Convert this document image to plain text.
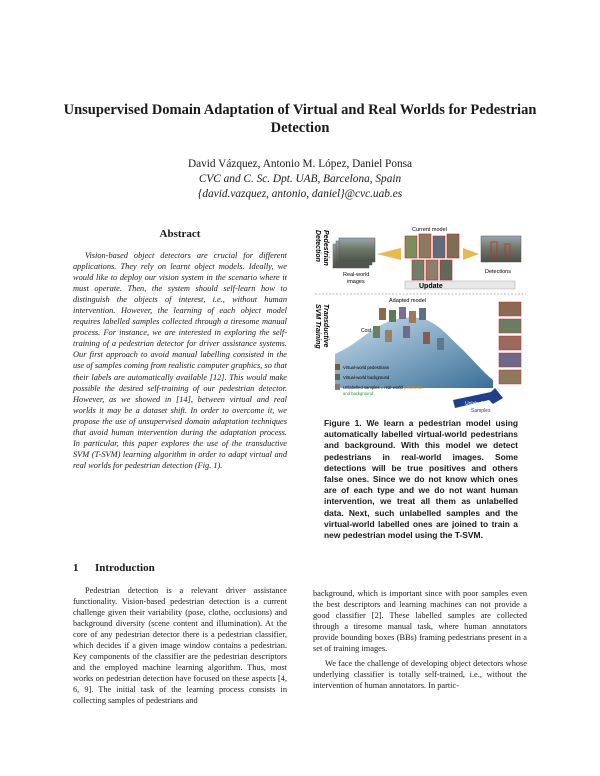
Unsupervised Domain Adaptation of Virtual and Real Worlds for Pedestrian Detection
David Vázquez, Antonio M. López, Daniel Ponsa
CVC and C. Sc. Dpt. UAB, Barcelona, Spain
{david.vazquez, antonio, daniel}@cvc.uab.es
Abstract
Vision-based object detectors are crucial for different applications. They rely on learnt object models. Ideally, we would like to deploy our vision system in the scenario where it must operate. Then, the system should self-learn how to distinguish the objects of interest, i.e., without human intervention. However, the learning of each object model requires labelled samples collected through a tiresome manual process. For instance, we are interested in exploring the self-training of a pedestrian detector for driver assistance systems. Our first approach to avoid manual labelling consisted in the use of samples coming from realistic computer graphics, so that their labels are automatically available [12]. This would make possible the desired self-training of our pedestrian detector. However, as we showed in [14], between virtual and real worlds it may be a dataset shift. In order to overcome it, we propose the use of unsupervised domain adaptation techniques that avoid human intervention during the adaptation process. In particular, this paper explores the use of the transductive SVM (T-SVM) learning algorithm in order to adapt virtual and real worlds for pedestrian detection (Fig. 1).
1 Introduction
Pedestrian detection is a relevant driver assistance functionality. Vision-based pedestrian detection is a current challenge given their variability (pose, clothe, occlusions) and background diversity (scene content and illumination). At the core of any pedestrian detector there is a pedestrian classifier, which decides if a given image window contains a pedestrian. Key components of the classifier are the pedestrian descriptors and the employed machine learning algorithm. Thus, most works on pedestrian detection have focused on these aspects [4, 6, 9]. The initial task of the learning process consists in collecting samples of pedestrians and

background, which is important since with poor samples even the best descriptors and learning machines can not provide a good classifier [2]. These labelled samples are collected through a tiresome manual task, where human annotators provide bounding boxes (BBs) framing pedestrians present in a set of training images.

We face the challenge of developing object detectors whose underlying classifier is totally self-trained, i.e., without the intervention of human annotators. In partic-

Pedestrian
Detection
Real-world
images
Current model
Detections
Update
Transductive
SVM Training
Adapted model
Cost
Virtual-world pedestrians
Virtual-world background
Unlabelled samples = real-world pedestrian
and background
Unlabelled
Samples
Figure 1. We learn a pedestrian model using automatically labelled virtual-world pedestrians and background. With this model we detect pedestrians in real-world images. Some detections will be true positives and others false ones. Since we do not know which ones are of each type and we do not want human intervention, we treat all them as unlabelled data. Next, such unlabelled samples and the virtual-world labelled ones are joined to train a new pedestrian model using the T-SVM.
